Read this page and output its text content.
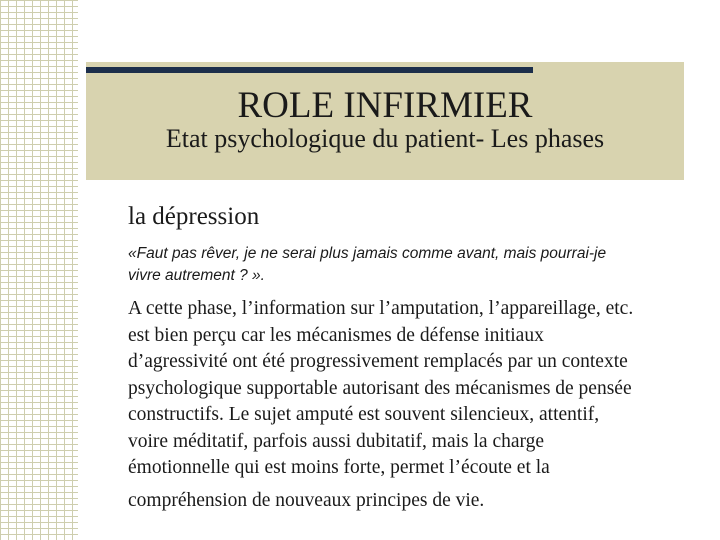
ROLE INFIRMIER
Etat psychologique du patient- Les phases
la dépression
«Faut pas rêver, je ne serai plus jamais comme avant, mais pourrai-je
vivre autrement ? ».
A cette phase, l’information sur l’amputation, l’appareillage, etc.
est bien perçu car les mécanismes de défense initiaux
d’agressivité ont été progressivement remplacés par un contexte
psychologique supportable autorisant des mécanismes de pensée
constructifs. Le sujet amputé est souvent silencieux, attentif,
voire méditatif, parfois aussi dubitatif, mais la charge
émotionnelle qui est moins forte, permet l’écoute et la
compréhension de nouveaux principes de vie.
